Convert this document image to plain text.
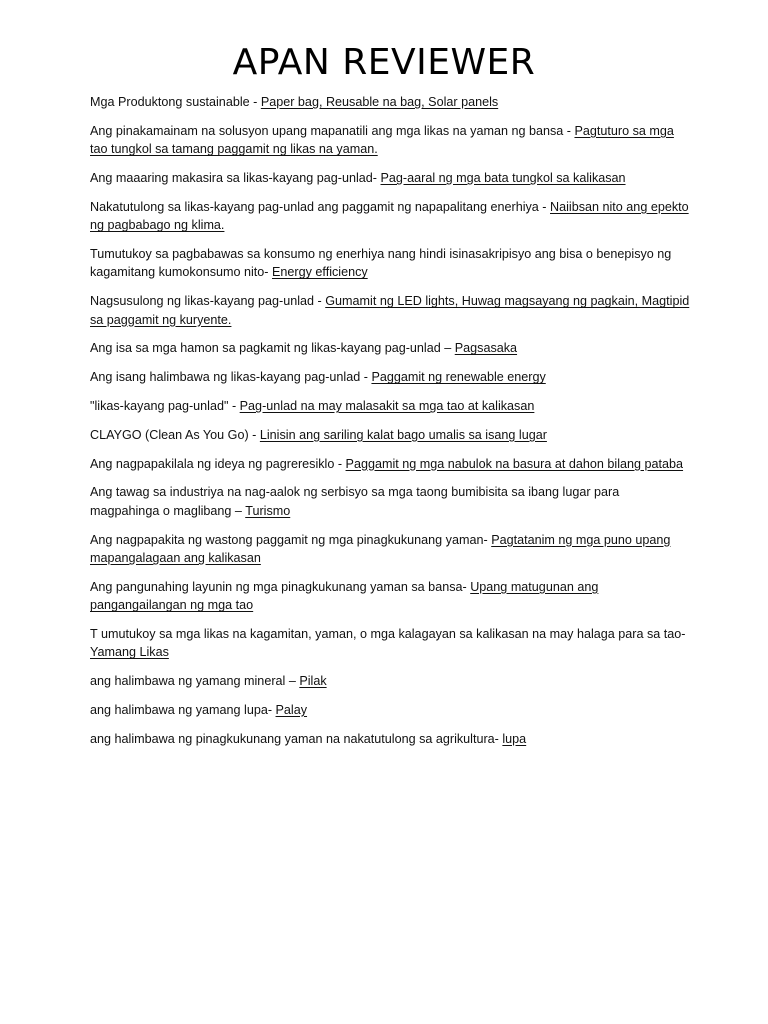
APAN REVIEWER

Mga Produktong sustainable - Paper bag, Reusable na bag, Solar panels

Ang pinakamainam na solusyon upang mapanatili ang mga likas na yaman ng bansa - Pagtuturo sa mga tao tungkol sa tamang paggamit ng likas na yaman.

Ang maaaring makasira sa likas-kayang pag-unlad- Pag-aaral ng mga bata tungkol sa kalikasan

Nakatutulong sa likas-kayang pag-unlad ang paggamit ng napapalitang enerhiya - Naiibsan nito ang epekto ng pagbabago ng klima.

Tumutukoy sa pagbabawas sa konsumo ng enerhiya nang hindi isinasakripisyo ang bisa o benepisyo ng kagamitang kumokonsumo nito- Energy efficiency

Nagsusulong ng likas-kayang pag-unlad - Gumamit ng LED lights, Huwag magsayang ng pagkain, Magtipid sa paggamit ng kuryente.

Ang isa sa mga hamon sa pagkamit ng likas-kayang pag-unlad – Pagsasaka

Ang isang halimbawa ng likas-kayang pag-unlad - Paggamit ng renewable energy

"likas-kayang pag-unlad" - Pag-unlad na may malasakit sa mga tao at kalikasan

CLAYGO (Clean As You Go) - Linisin ang sariling kalat bago umalis sa isang lugar

Ang nagpapakilala ng ideya ng pagreresiklo - Paggamit ng mga nabulok na basura at dahon bilang pataba

Ang tawag sa industriya na nag-aalok ng serbisyo sa mga taong bumibisita sa ibang lugar para magpahinga o maglibang – Turismo

Ang nagpapakita ng wastong paggamit ng mga pinagkukunang yaman- Pagtatanim ng mga puno upang mapangalagaan ang kalikasan

Ang pangunahing layunin ng mga pinagkukunang yaman sa bansa- Upang matugunan ang pangangailangan ng mga tao

T umutukoy sa mga likas na kagamitan, yaman, o mga kalagayan sa kalikasan na may halaga para sa tao- Yamang Likas

ang halimbawa ng yamang mineral – Pilak

ang halimbawa ng yamang lupa- Palay

ang halimbawa ng pinagkukunang yaman na nakatutulong sa agrikultura- lupa
